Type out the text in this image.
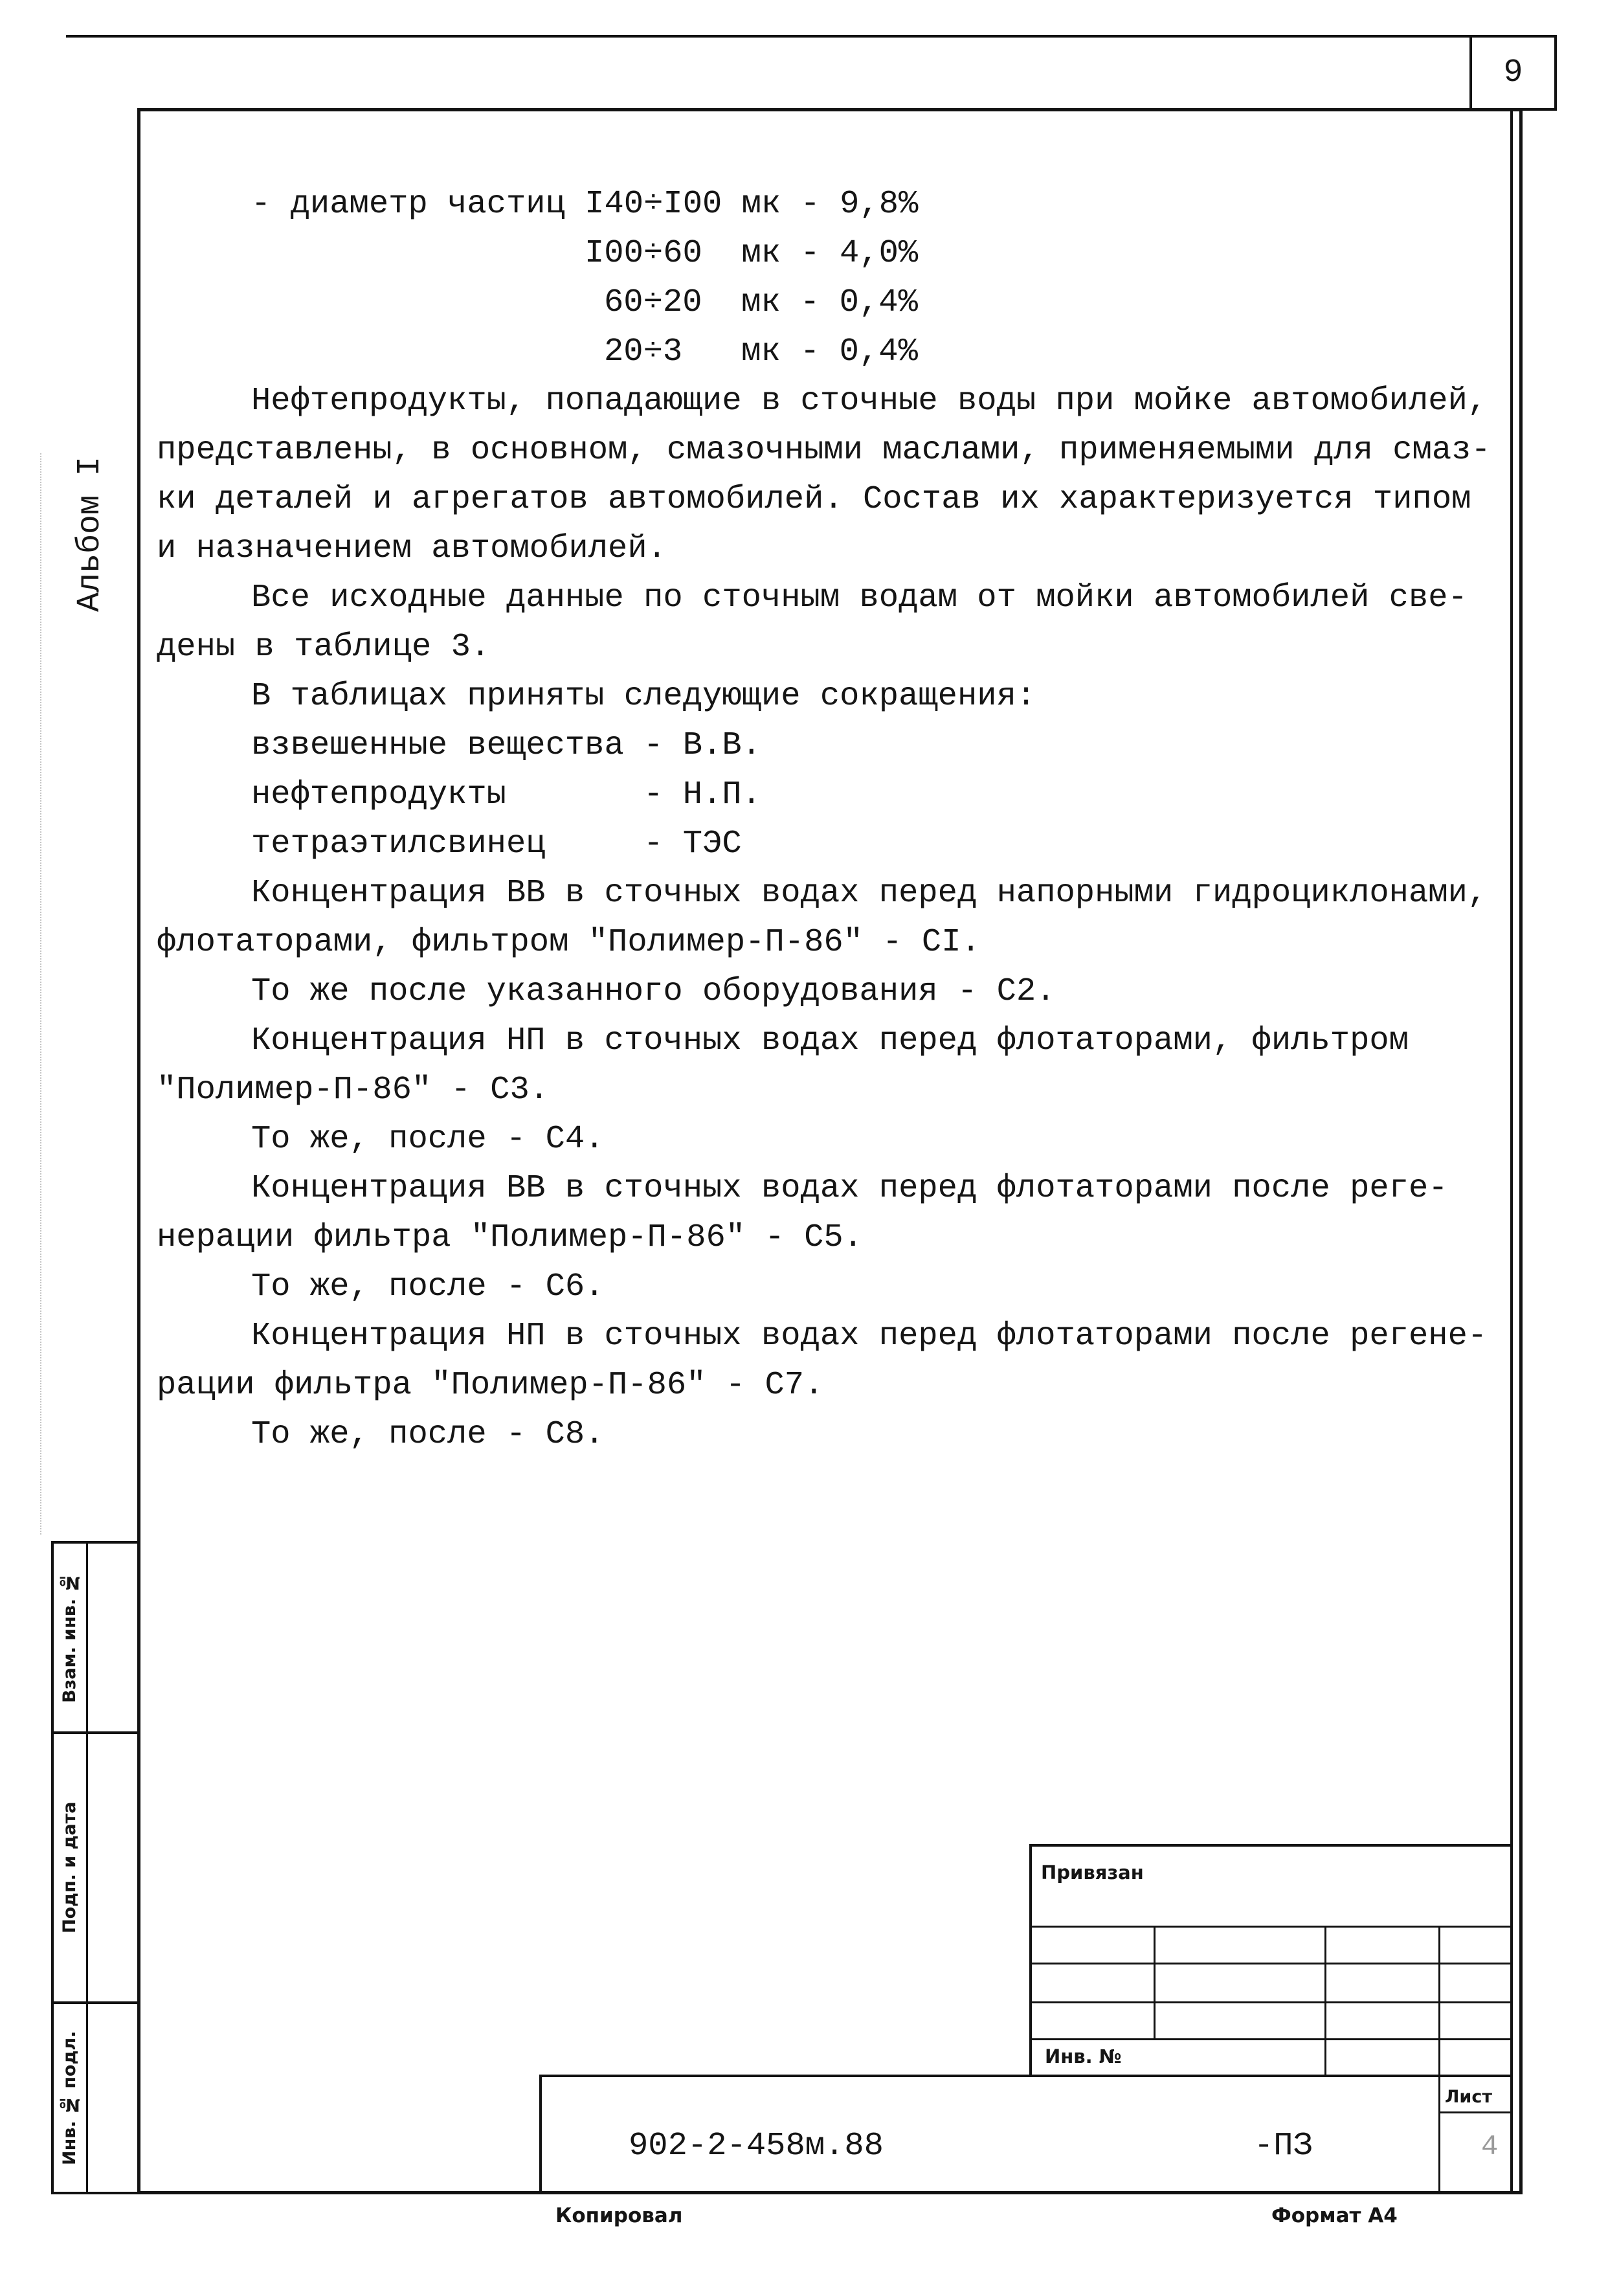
9
Альбом I
Взам. инв. №
Подп. и дата
Инв. № подл.
- диаметр частиц I40÷I00 мк - 9,8%
I00÷60  мк - 4,0%
60÷20  мк - 0,4%
20÷3   мк - 0,4%
Нефтепродукты, попадающие в сточные воды при мойке автомобилей,
представлены, в основном, смазочными маслами, применяемыми для смаз-
ки деталей и агрегатов автомобилей. Состав их характеризуется типом
и назначением автомобилей.
Все исходные данные по сточным водам от мойки автомобилей све-
дены в таблице 3.
В таблицах приняты следующие сокращения:
взвешенные вещества - В.В.
нефтепродукты       - Н.П.
тетраэтилсвинец     - ТЭС
Концентрация ВВ в сточных водах перед напорными гидроциклонами,
флотаторами, фильтром "Полимер-П-86" - СI.
То же после указанного оборудования - С2.
Концентрация НП в сточных водах перед флотаторами, фильтром
"Полимер-П-86" - С3.
То же, после - С4.
Концентрация ВВ в сточных водах перед флотаторами после реге-
нерации фильтра "Полимер-П-86" - С5.
То же, после - С6.
Концентрация НП в сточных водах перед флотаторами после регене-
рации фильтра "Полимер-П-86" - С7.
То же, после - С8.
Привязан
Инв. №
902-2-458м.88	-ПЗ
Лист
4
Копировал	Формат А4
